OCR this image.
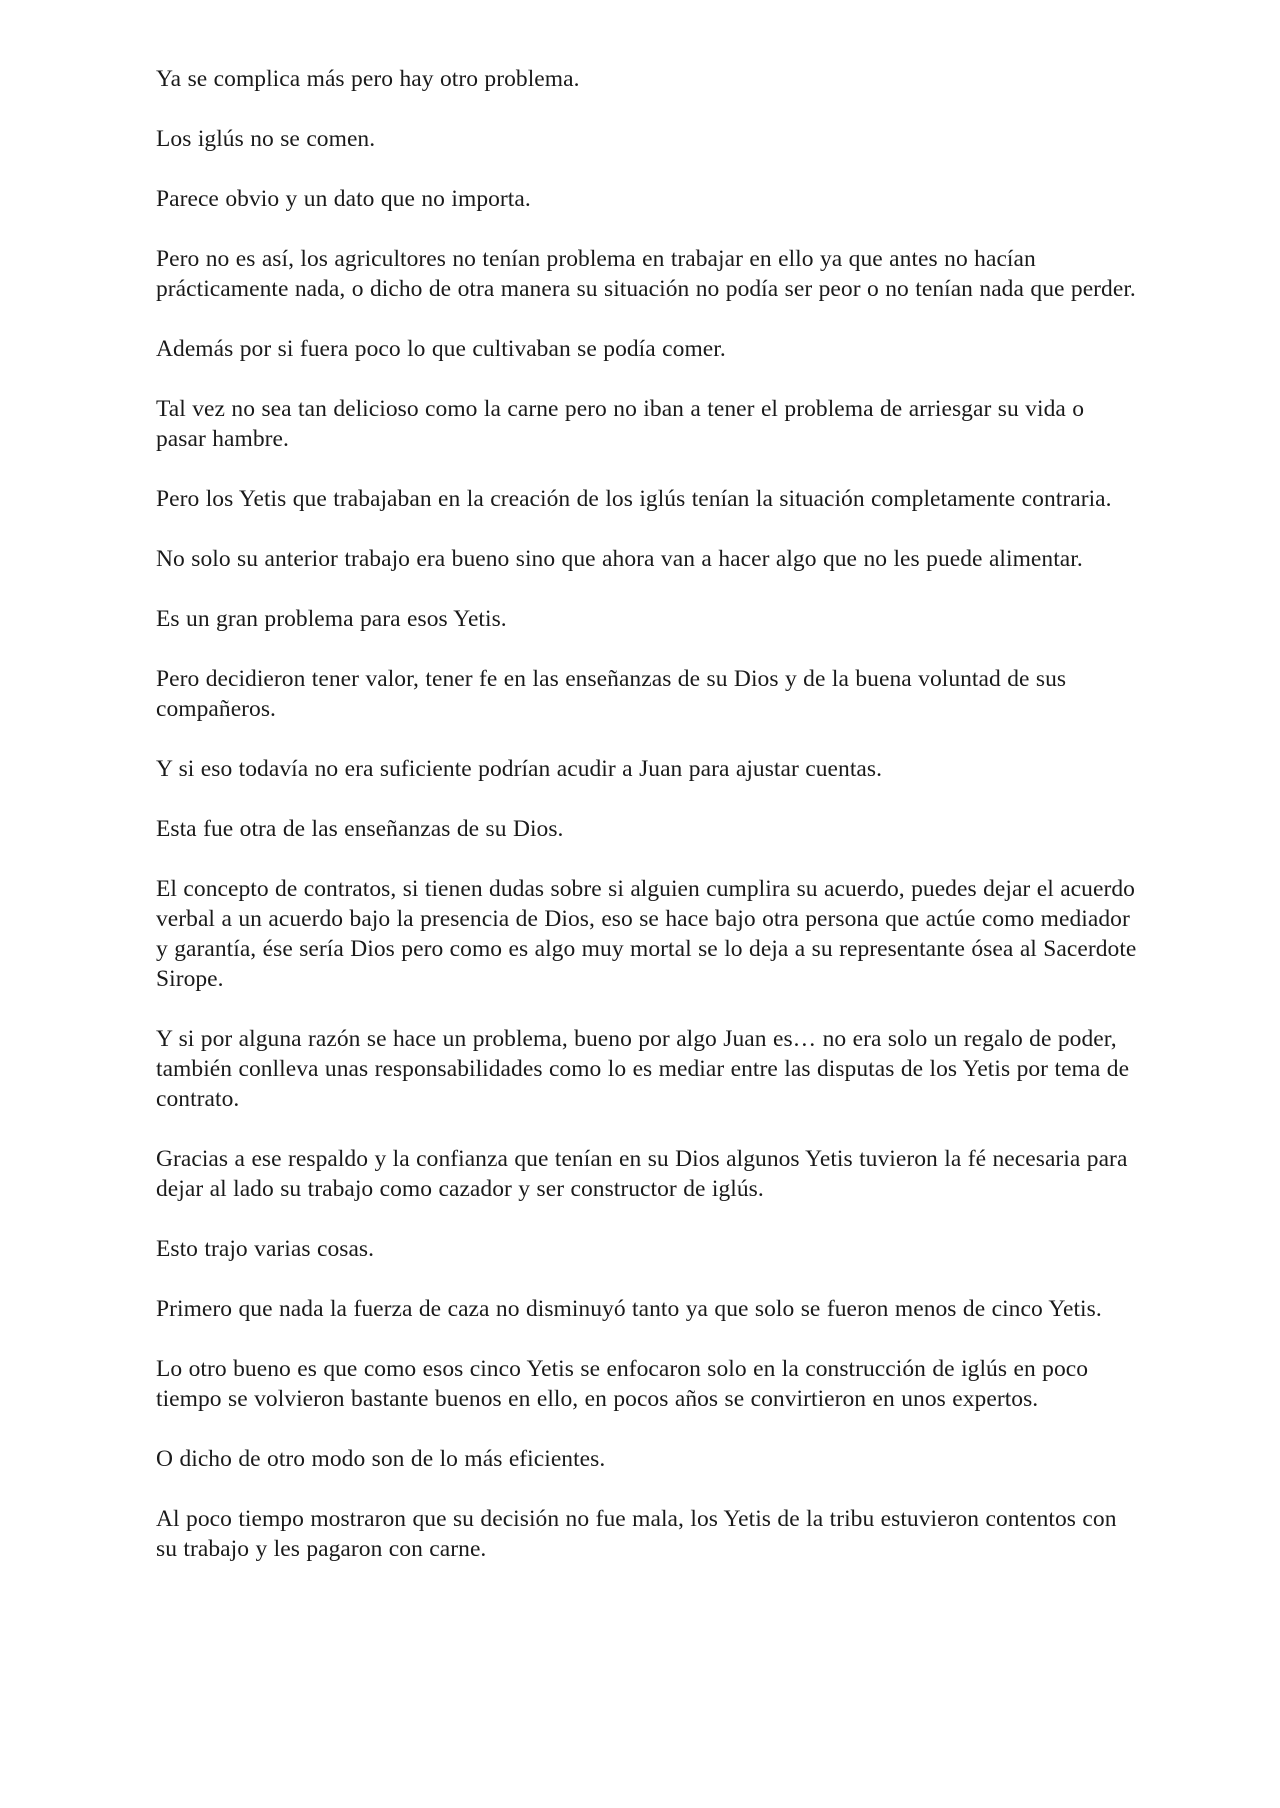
Ya se complica más pero hay otro problema.

Los iglús no se comen.

Parece obvio y un dato que no importa.

Pero no es así, los agricultores no tenían problema en trabajar en ello ya que antes no hacían prácticamente nada, o dicho de otra manera su situación no podía ser peor o no tenían nada que perder.

Además por si fuera poco lo que cultivaban se podía comer.

Tal vez no sea tan delicioso como la carne pero no iban a tener el problema de arriesgar su vida o pasar hambre.

Pero los Yetis que trabajaban en la creación de los iglús tenían la situación completamente contraria.

No solo su anterior trabajo era bueno sino que ahora van a hacer algo que no les puede alimentar.

Es un gran problema para esos Yetis.

Pero decidieron tener valor, tener fe en las enseñanzas de su Dios y de la buena voluntad de sus compañeros.

Y si eso todavía no era suficiente podrían acudir a Juan para ajustar cuentas.

Esta fue otra de las enseñanzas de su Dios.

El concepto de contratos, si tienen dudas sobre si alguien cumplira su acuerdo, puedes dejar el acuerdo verbal a un acuerdo bajo la presencia de Dios, eso se hace bajo otra persona que actúe como mediador y garantía, ése sería Dios pero como es algo muy mortal se lo deja a su representante ósea al Sacerdote Sirope.

Y si por alguna razón se hace un problema, bueno por algo Juan es… no era solo un regalo de poder, también conlleva unas responsabilidades como lo es mediar entre las disputas de los Yetis por tema de contrato.

Gracias a ese respaldo y la confianza que tenían en su Dios algunos Yetis tuvieron la fé necesaria para dejar al lado su trabajo como cazador y ser constructor de iglús.

Esto trajo varias cosas.

Primero que nada la fuerza de caza no disminuyó tanto ya que solo se fueron menos de cinco Yetis.

Lo otro bueno es que como esos cinco Yetis se enfocaron solo en la construcción de iglús en poco tiempo se volvieron bastante buenos en ello, en pocos años se convirtieron en unos expertos.

O dicho de otro modo son de lo más eficientes.

Al poco tiempo mostraron que su decisión no fue mala, los Yetis de la tribu estuvieron contentos con su trabajo y les pagaron con carne.
